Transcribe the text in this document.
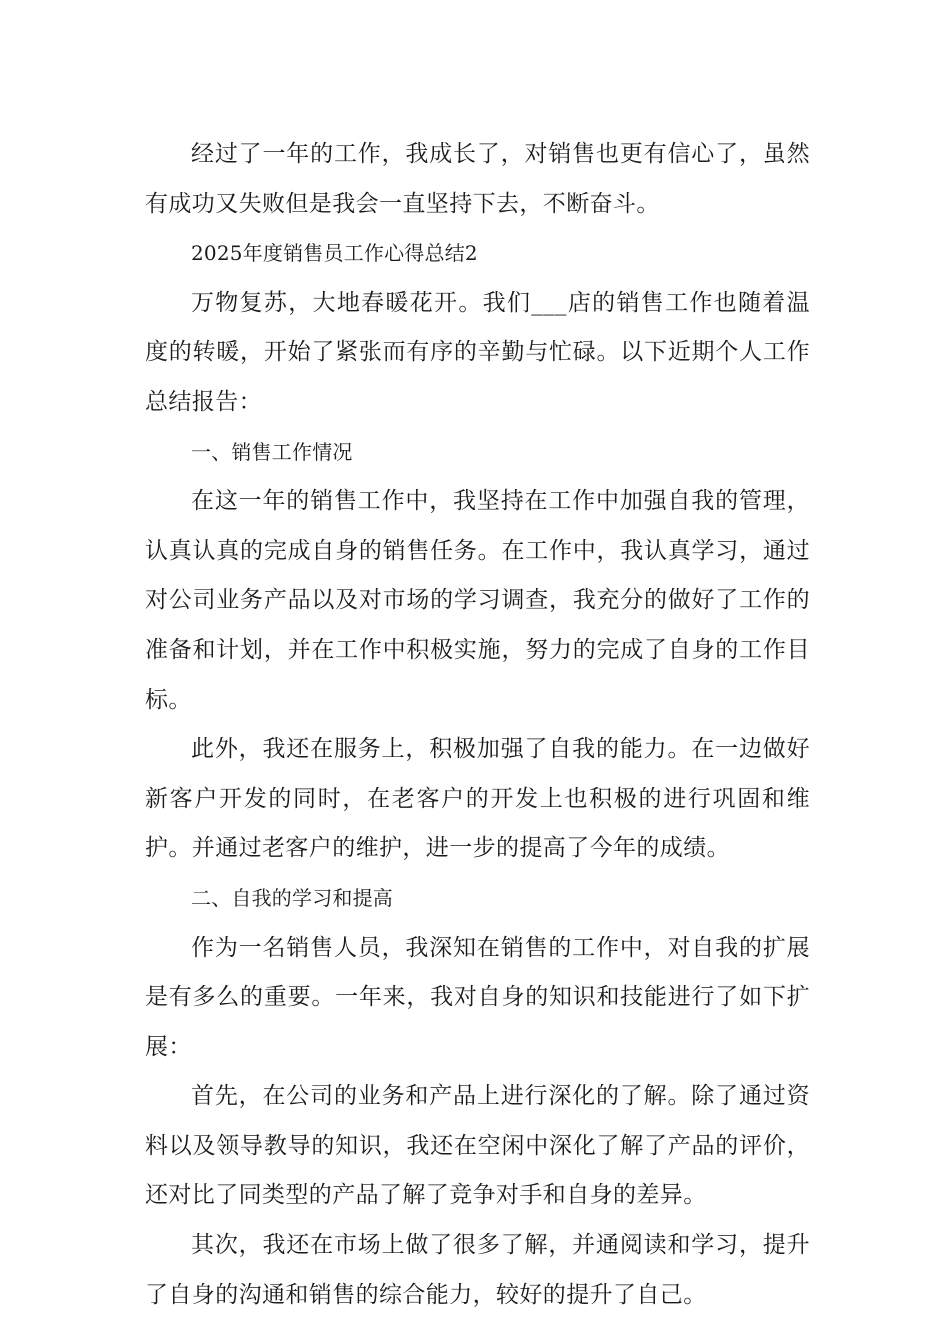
经过了一年的工作，我成长了，对销售也更有信心了，虽然有成功又失败但是我会一直坚持下去，不断奋斗。

2025年度销售员工作心得总结2

万物复苏，大地春暖花开。我们___店的销售工作也随着温度的转暖，开始了紧张而有序的辛勤与忙碌。以下近期个人工作总结报告：

一、销售工作情况

在这一年的销售工作中，我坚持在工作中加强自我的管理，认真认真的完成自身的销售任务。在工作中，我认真学习，通过对公司业务产品以及对市场的学习调查，我充分的做好了工作的准备和计划，并在工作中积极实施，努力的完成了自身的工作目标。

此外，我还在服务上，积极加强了自我的能力。在一边做好新客户开发的同时，在老客户的开发上也积极的进行巩固和维护。并通过老客户的维护，进一步的提高了今年的成绩。

二、自我的学习和提高

作为一名销售人员，我深知在销售的工作中，对自我的扩展是有多么的重要。一年来，我对自身的知识和技能进行了如下扩展：

首先，在公司的业务和产品上进行深化的了解。除了通过资料以及领导教导的知识，我还在空闲中深化了解了产品的评价，还对比了同类型的产品了解了竞争对手和自身的差异。

其次，我还在市场上做了很多了解，并通阅读和学习，提升了自身的沟通和销售的综合能力，较好的提升了自己。
